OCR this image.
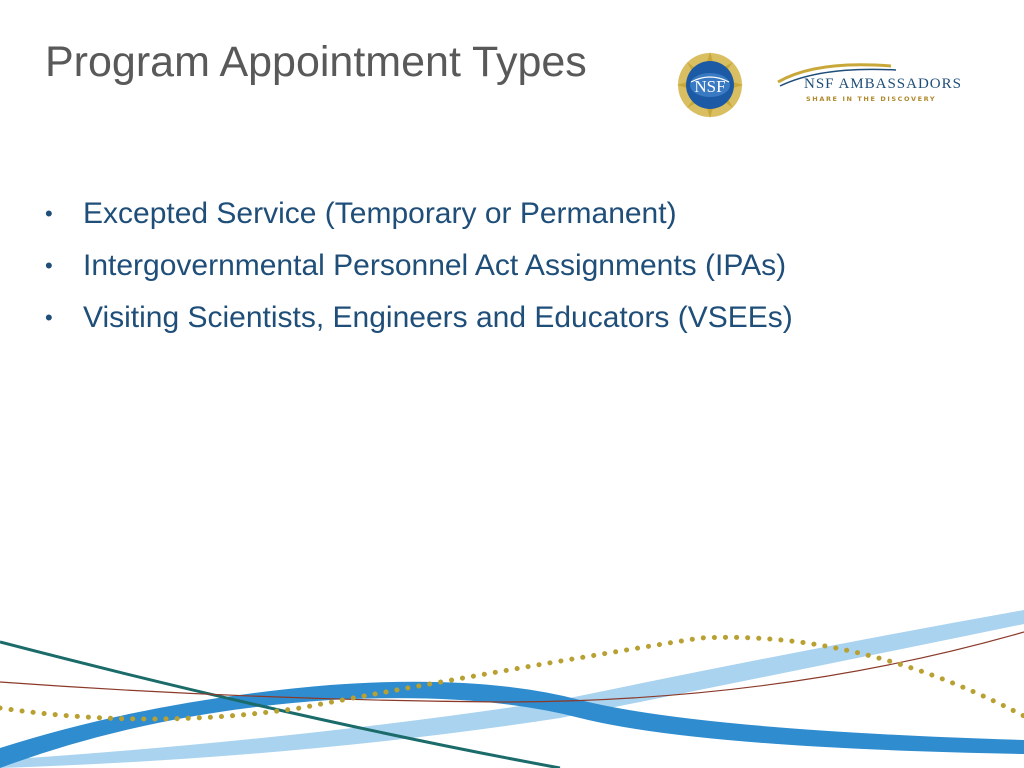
Program Appointment Types
NSF	NSF AMBASSADORS
SHARE IN THE DISCOVERY
• Excepted Service (Temporary or Permanent)
• Intergovernmental Personnel Act Assignments (IPAs)
• Visiting Scientists, Engineers and Educators (VSEEs)
